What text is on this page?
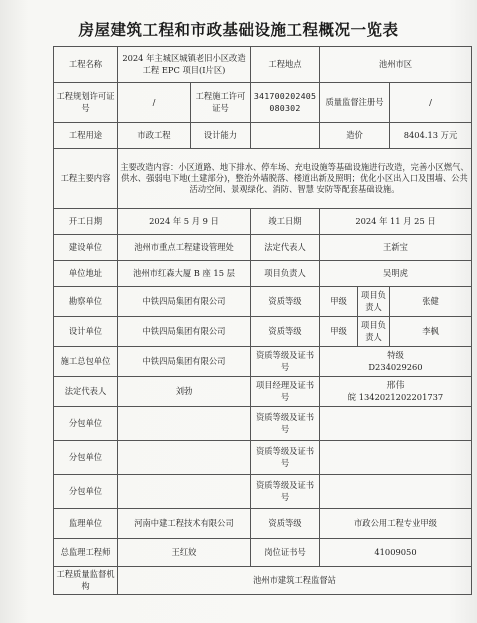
房屋建筑工程和市政基础设施工程概况一览表
工程名称	2024 年主城区城镇老旧小区改造工程 EPC 项目(Ⅰ片区)		工程地点	池州市区		
工程规划许可证号	/	工程施工许可证号	341700202405080302	质量监督注册号		/
工程用途	市政工程	设计能力		造价		8404.13 万元
工程主要内容	主要改造内容：小区道路、地下排水、停车场、充电设施等基础设施进行改造，完善小区燃气、供水、强弱电下地(土建部分)，整治外墙脱落、楼道出新及照明；优化小区出入口及围墙、公共活动空间、景观绿化、消防、智慧 安防等配套基础设施。					
开工日期	2024 年 5 月 9 日		竣工日期	2024 年 11 月 25 日		
建设单位	池州市重点工程建设管理处		法定代表人	王新宝		
单位地址	池州市红森大厦 B 座 15 层		项目负责人	吴明虎		
勘察单位	中铁四局集团有限公司		资质等级	甲级	项目负责人	张健
设计单位	中铁四局集团有限公司		资质等级	甲级	项目负责人	李枫
施工总包单位	中铁四局集团有限公司		资质等级及证书号	特级
D234029260		

法定代表人	刘勃		项目经理及证书号	邢伟
皖 1342021202201737		

分包单位			资质等级及证书号			
分包单位			资质等级及证书号			
分包单位			资质等级及证书号			
监理单位	河南中建工程技术有限公司		资质等级	市政公用工程专业甲级		
总监理工程师	王红姣		岗位证书号	41009050		
工程质量监督机构	池州市建筑工程监督站					
